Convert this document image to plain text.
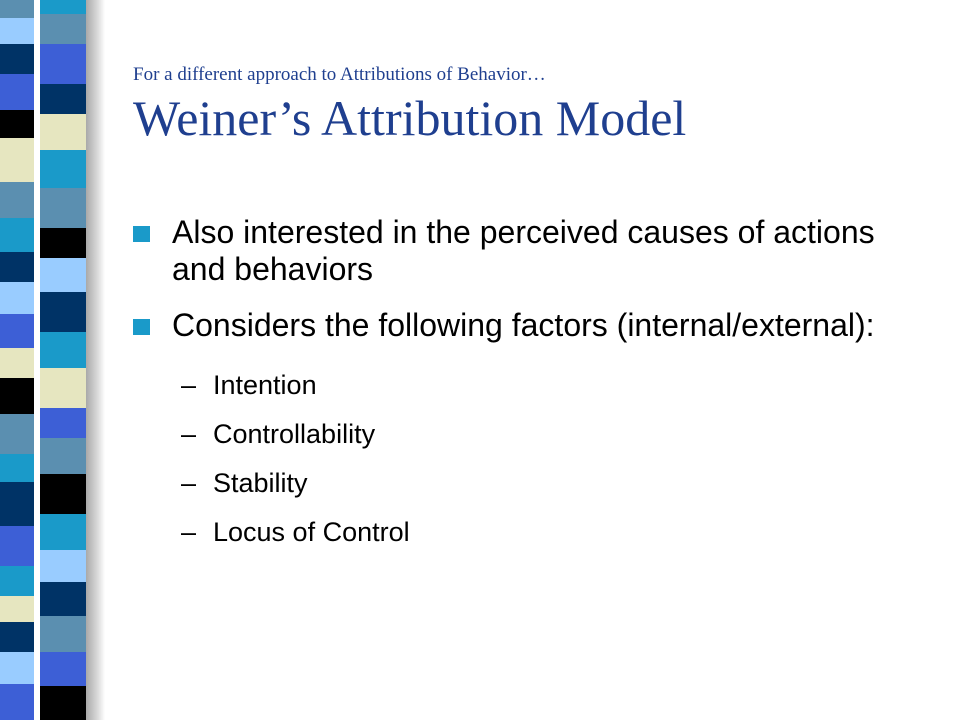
For a different approach to Attributions of Behavior…
Weiner’s Attribution Model
Also interested in the perceived causes of actions and behaviors
Considers the following factors (internal/external):
– Intention
– Controllability
– Stability
– Locus of Control
